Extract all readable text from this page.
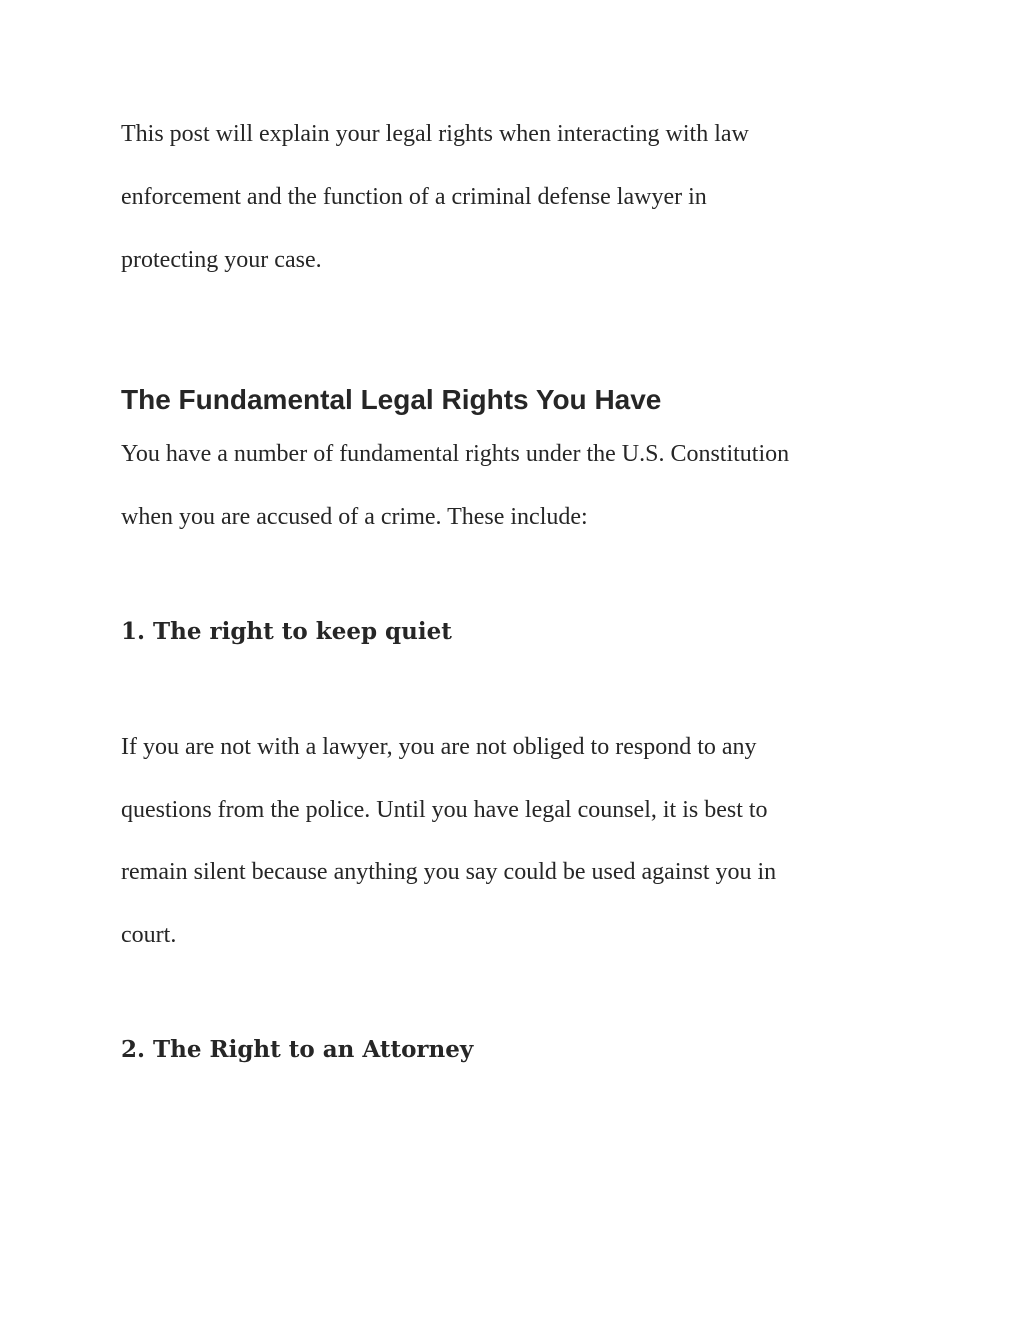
This post will explain your legal rights when interacting with law

enforcement and the function of a criminal defense lawyer in

protecting your case.

The Fundamental Legal Rights You Have

You have a number of fundamental rights under the U.S. Constitution

when you are accused of a crime. These include:

1. The right to keep quiet

If you are not with a lawyer, you are not obliged to respond to any

questions from the police. Until you have legal counsel, it is best to

remain silent because anything you say could be used against you in

court.

2. The Right to an Attorney
